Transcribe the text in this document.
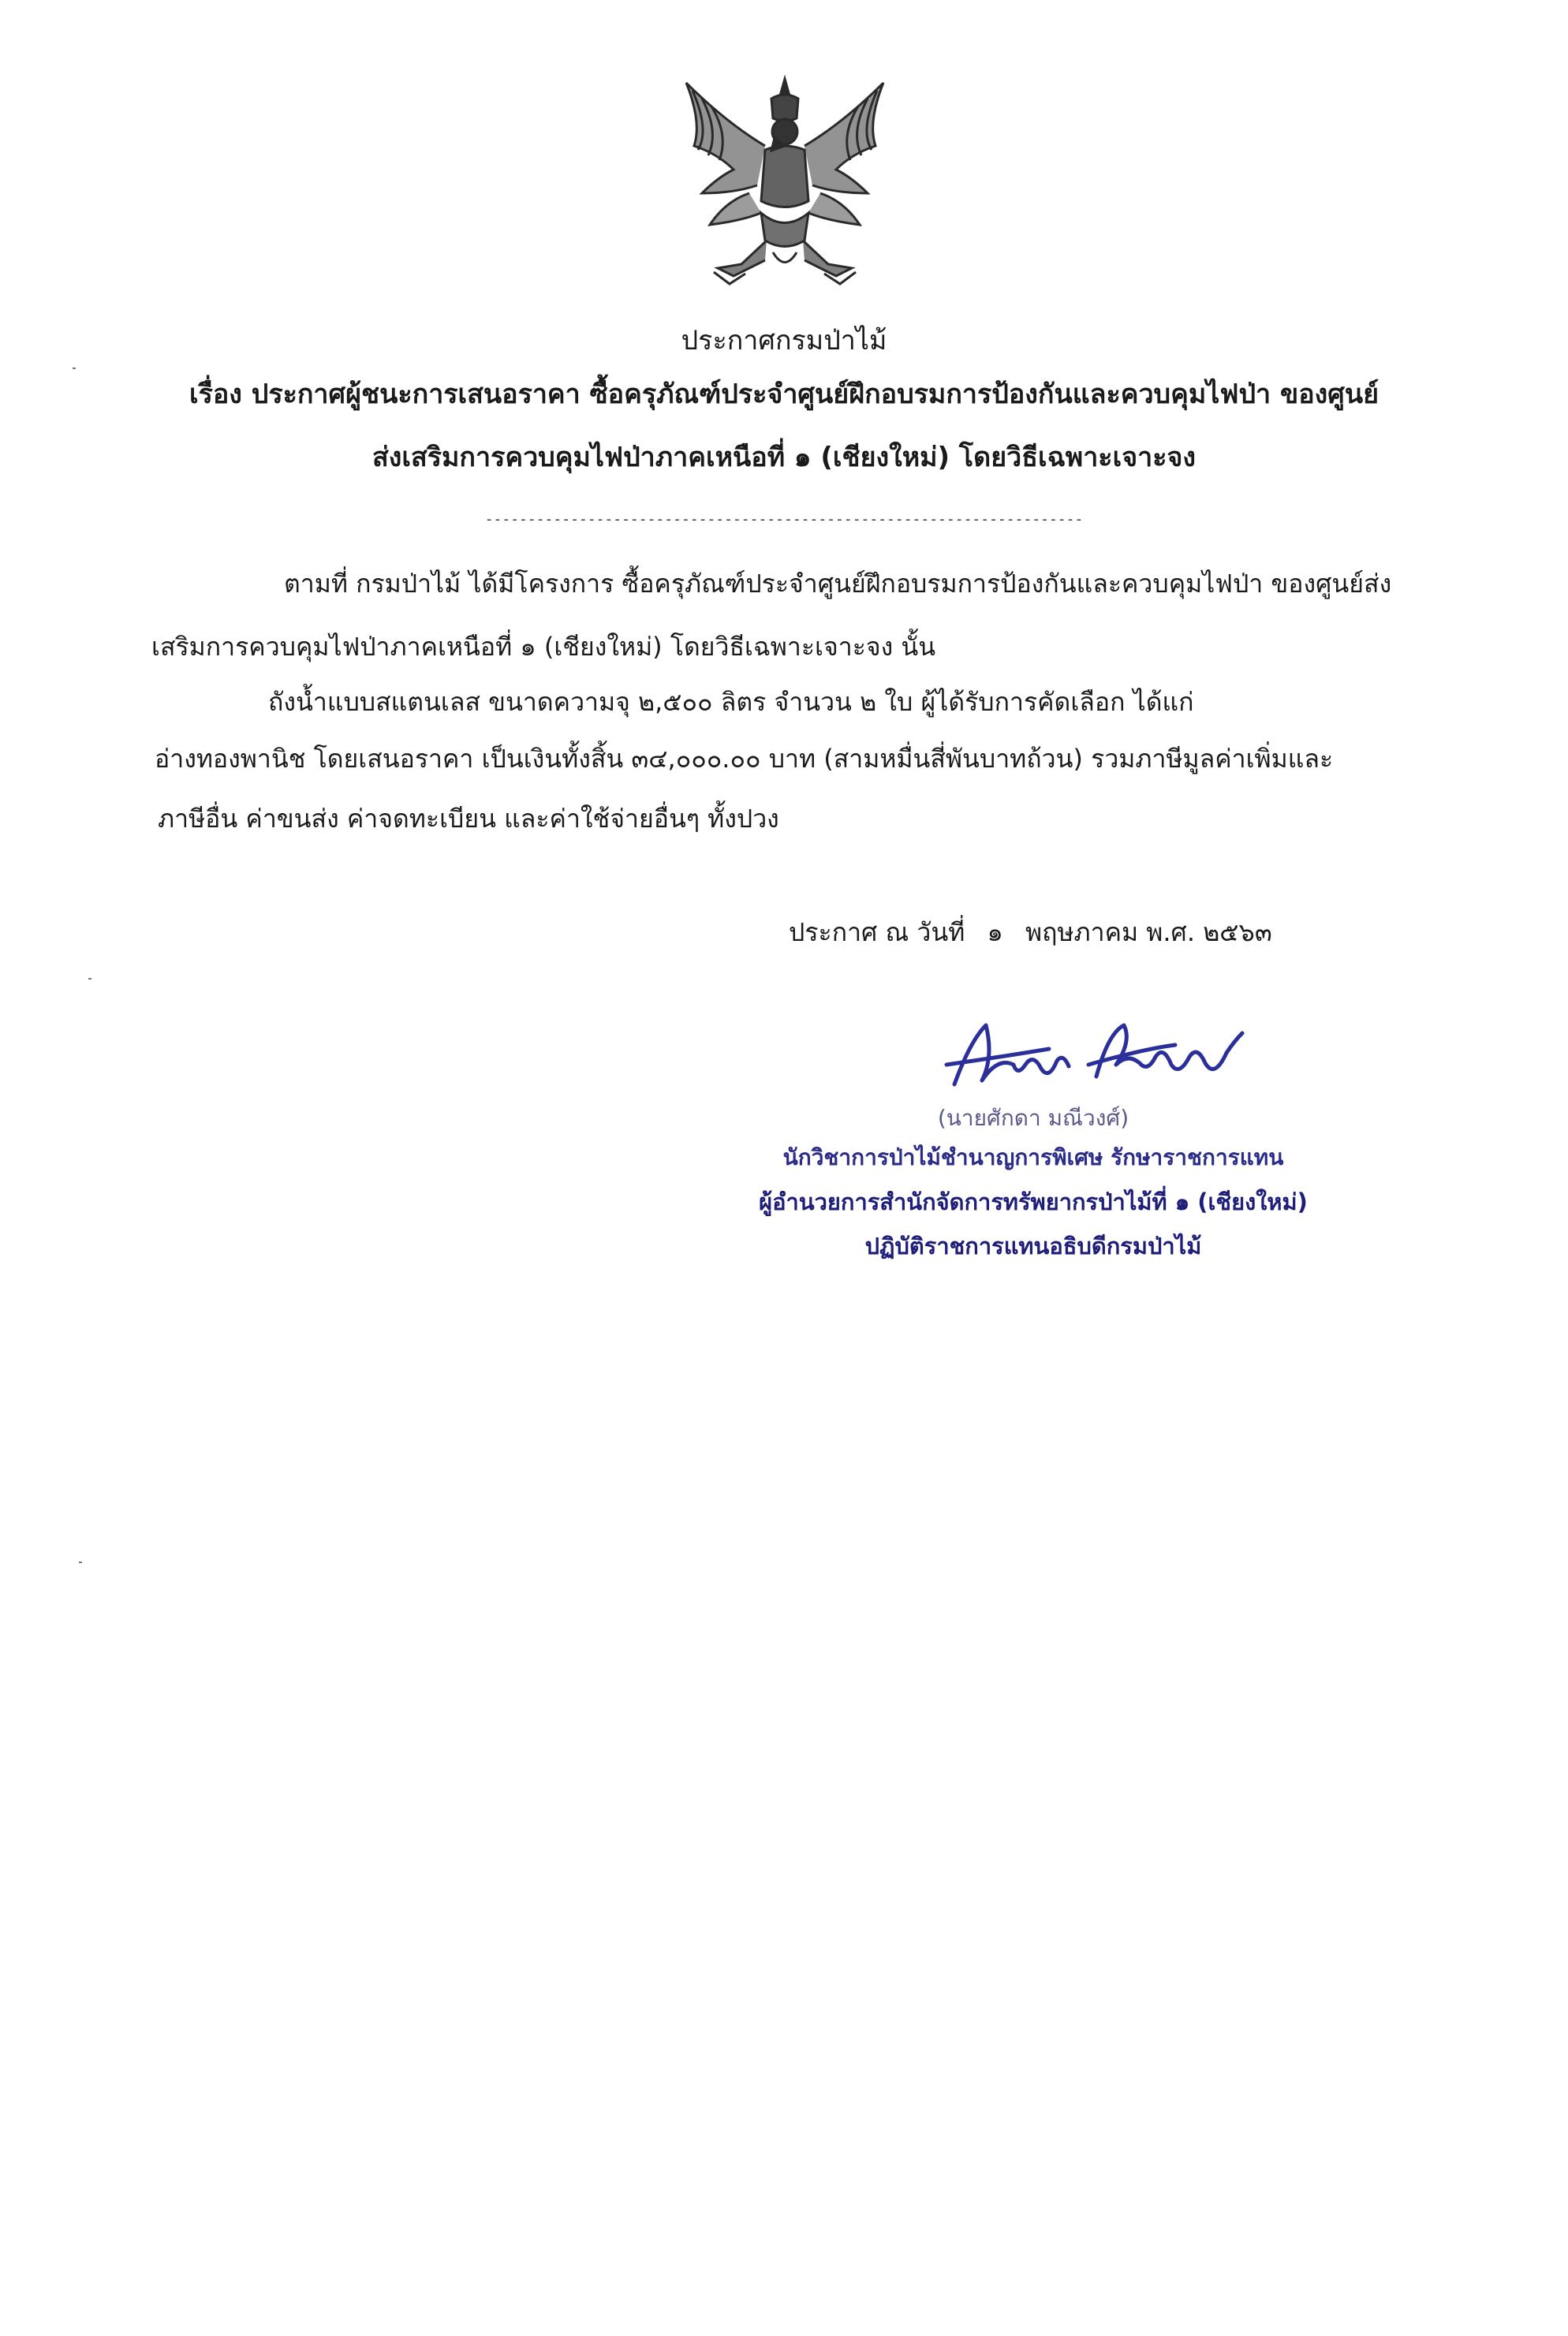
ประกาศกรมป่าไม้
เรื่อง ประกาศผู้ชนะการเสนอราคา ซื้อครุภัณฑ์ประจำศูนย์ฝึกอบรมการป้องกันและควบคุมไฟป่า ของศูนย์
ส่งเสริมการควบคุมไฟป่าภาคเหนือที่ ๑ (เชียงใหม่) โดยวิธีเฉพาะเจาะจง
----------------------------------------------------------------------
ตามที่ กรมป่าไม้ ได้มีโครงการ ซื้อครุภัณฑ์ประจำศูนย์ฝึกอบรมการป้องกันและควบคุมไฟป่า ของศูนย์ส่ง
เสริมการควบคุมไฟป่าภาคเหนือที่ ๑ (เชียงใหม่) โดยวิธีเฉพาะเจาะจง นั้น
ถังน้ำแบบสแตนเลส ขนาดความจุ ๒,๕๐๐ ลิตร จำนวน ๒ ใบ ผู้ได้รับการคัดเลือก ได้แก่
อ่างทองพานิช โดยเสนอราคา เป็นเงินทั้งสิ้น ๓๔,๐๐๐.๐๐ บาท (สามหมื่นสี่พันบาทถ้วน) รวมภาษีมูลค่าเพิ่มและ
ภาษีอื่น ค่าขนส่ง ค่าจดทะเบียน และค่าใช้จ่ายอื่นๆ ทั้งปวง
ประกาศ ณ วันที่ ๑ พฤษภาคม พ.ศ. ๒๕๖๓
(นายศักดา มณีวงศ์)
นักวิชาการป่าไม้ชำนาญการพิเศษ รักษาราชการแทน
ผู้อำนวยการสำนักจัดการทรัพยากรป่าไม้ที่ ๑ (เชียงใหม่)
ปฏิบัติราชการแทนอธิบดีกรมป่าไม้
